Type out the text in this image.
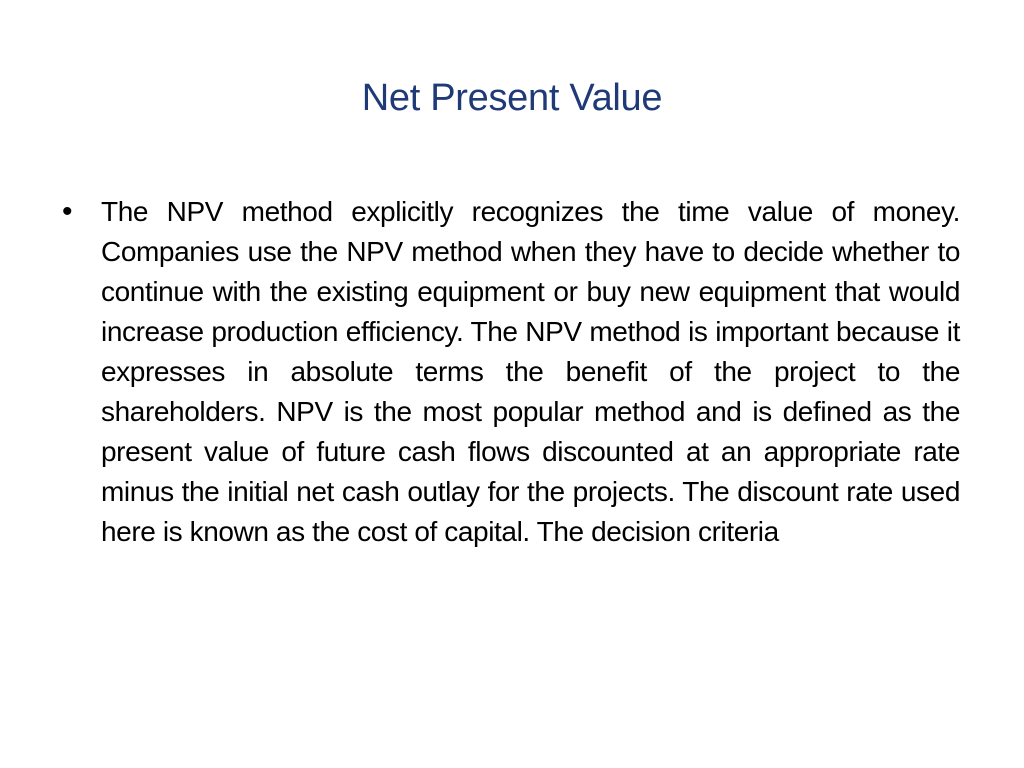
Net Present Value
• The NPV method explicitly recognizes the time value of money. Companies use the NPV method when they have to decide whether to continue with the existing equipment or buy new equipment that would increase production efficiency. The NPV method is important because it expresses in absolute terms the benefit of the project to the shareholders. NPV is the most popular method and is defined as the present value of future cash flows discounted at an appropriate rate minus the initial net cash outlay for the projects. The discount rate used here is known as the cost of capital. The decision criteria
